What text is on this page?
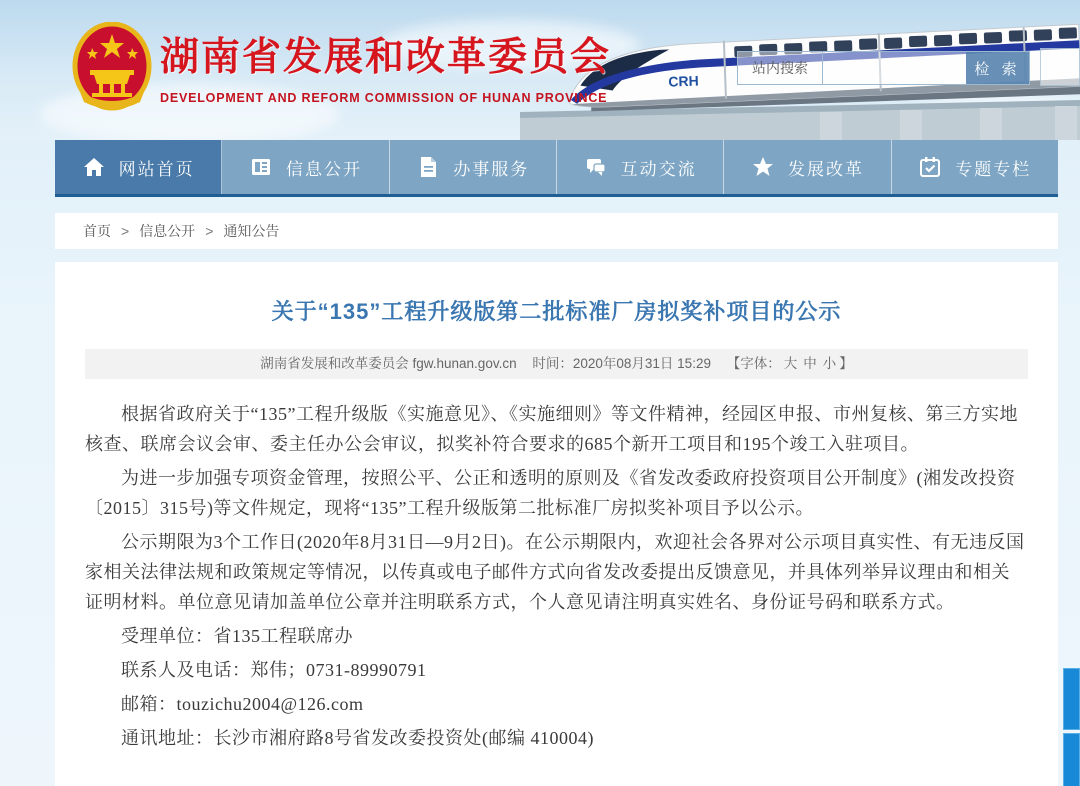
CRH
湖南省发展和改革委员会
DEVELOPMENT AND REFORM COMMISSION OF HUNAN PROVINCE
站内搜索	检 索
网站首页	信息公开	办事服务	互动交流	发展改革	专题专栏
首页 > 信息公开 > 通知公告
关于“135”工程升级版第二批标准厂房拟奖补项目的公示
湖南省发展和改革委员会 fgw.hunan.gov.cn 时间：2020年08月31日 15:29 【字体： 大 中 小 】

根据省政府关于“135”工程升级版《实施意见》、《实施细则》等文件精神，经园区申报、市州复核、第三方实地核查、联席会议会审、委主任办公会审议，拟奖补符合要求的685个新开工项目和195个竣工入驻项目。

为进一步加强专项资金管理，按照公平、公正和透明的原则及《省发改委政府投资项目公开制度》(湘发改投资〔2015〕315号)等文件规定，现将“135”工程升级版第二批标准厂房拟奖补项目予以公示。

公示期限为3个工作日(2020年8月31日—9月2日)。在公示期限内，欢迎社会各界对公示项目真实性、有无违反国家相关法律法规和政策规定等情况，以传真或电子邮件方式向省发改委提出反馈意见，并具体列举异议理由和相关证明材料。单位意见请加盖单位公章并注明联系方式，个人意见请注明真实姓名、身份证号码和联系方式。

受理单位：省135工程联席办

联系人及电话：郑伟；0731-89990791

邮箱：touzichu2004@126.com

通讯地址：长沙市湘府路8号省发改委投资处(邮编 410004)
